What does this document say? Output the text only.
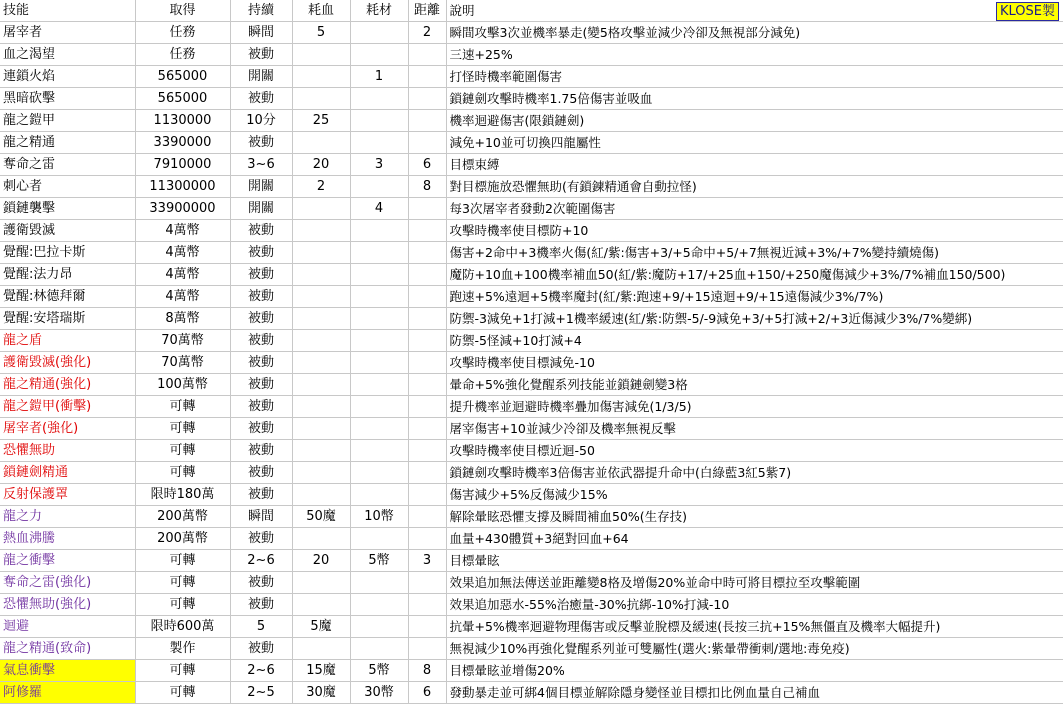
技能	取得	持續	耗血	耗材	距離	說明
屠宰者	任務	瞬間	5		2	瞬間攻擊3次並機率暴走(變5格攻擊並減少冷卻及無視部分減免)
血之渴望	任務	被動				三速+25%
連鎖火焰	565000	開關		1		打怪時機率範圍傷害
黑暗砍擊	565000	被動				鎖鏈劍攻擊時機率1.75倍傷害並吸血
龍之鎧甲	1130000	10分	25			機率迴避傷害(限鎖鏈劍)
龍之精通	3390000	被動				減免+10並可切換四龍屬性
奪命之雷	7910000	3~6	20	3	6	目標束縛
刺心者	11300000	開關	2		8	對目標施放恐懼無助(有鎖鍊精通會自動拉怪)
鎖鏈襲擊	33900000	開關		4		每3次屠宰者發動2次範圍傷害
護衛毀滅	4萬幣	被動				攻擊時機率使目標防+10
覺醒:巴拉卡斯	4萬幣	被動				傷害+2命中+3機率火傷(紅/紫:傷害+3/+5命中+5/+7無視近減+3%/+7%變持續燒傷)
覺醒:法力昂	4萬幣	被動				魔防+10血+100機率補血50(紅/紫:魔防+17/+25血+150/+250魔傷減少+3%/7%補血150/500)
覺醒:林德拜爾	4萬幣	被動				跑速+5%遠迴+5機率魔封(紅/紫:跑速+9/+15遠迴+9/+15遠傷減少3%/7%)
覺醒:安塔瑞斯	8萬幣	被動				防禦-3減免+1打減+1機率緩速(紅/紫:防禦-5/-9減免+3/+5打減+2/+3近傷減少3%/7%變綁)
龍之盾	70萬幣	被動				防禦-5怪減+10打減+4
護衛毀滅(強化)	70萬幣	被動				攻擊時機率使目標減免-10
龍之精通(強化)	100萬幣	被動				暈命+5%強化覺醒系列技能並鎖鏈劍變3格
龍之鎧甲(衝擊)	可轉	被動				提升機率並迴避時機率疊加傷害減免(1/3/5)
屠宰者(強化)	可轉	被動				屠宰傷害+10並減少冷卻及機率無視反擊
恐懼無助	可轉	被動				攻擊時機率使目標近迴-50
鎖鏈劍精通	可轉	被動				鎖鏈劍攻擊時機率3倍傷害並依武器提升命中(白綠藍3紅5紫7)
反射保護罩	限時180萬	被動				傷害減少+5%反傷減少15%
龍之力	200萬幣	瞬間	50魔	10幣		解除暈眩恐懼支撐及瞬間補血50%(生存技)
熱血沸騰	200萬幣	被動				血量+430體質+3絕對回血+64
龍之衝擊	可轉	2~6	20	5幣	3	目標暈眩
奪命之雷(強化)	可轉	被動				效果追加無法傳送並距離變8格及增傷20%並命中時可將目標拉至攻擊範圍
恐懼無助(強化)	可轉	被動				效果追加惡水-55%治癒量-30%抗綁-10%打減-10
迴避	限時600萬	5	5魔			抗暈+5%機率迴避物理傷害或反擊並脫標及緩速(長按三抗+15%無僵直及機率大幅提升)
龍之精通(致命)	製作	被動				無視減少10%再強化覺醒系列並可雙屬性(選火:紫暈帶衝刺/選地:毒免疫)
氣息衝擊	可轉	2~6	15魔	5幣	8	目標暈眩並增傷20%
阿修羅	可轉	2~5	30魔	30幣	6	發動暴走並可綁4個目標並解除隱身變怪並目標扣比例血量自己補血
KLOSE製
